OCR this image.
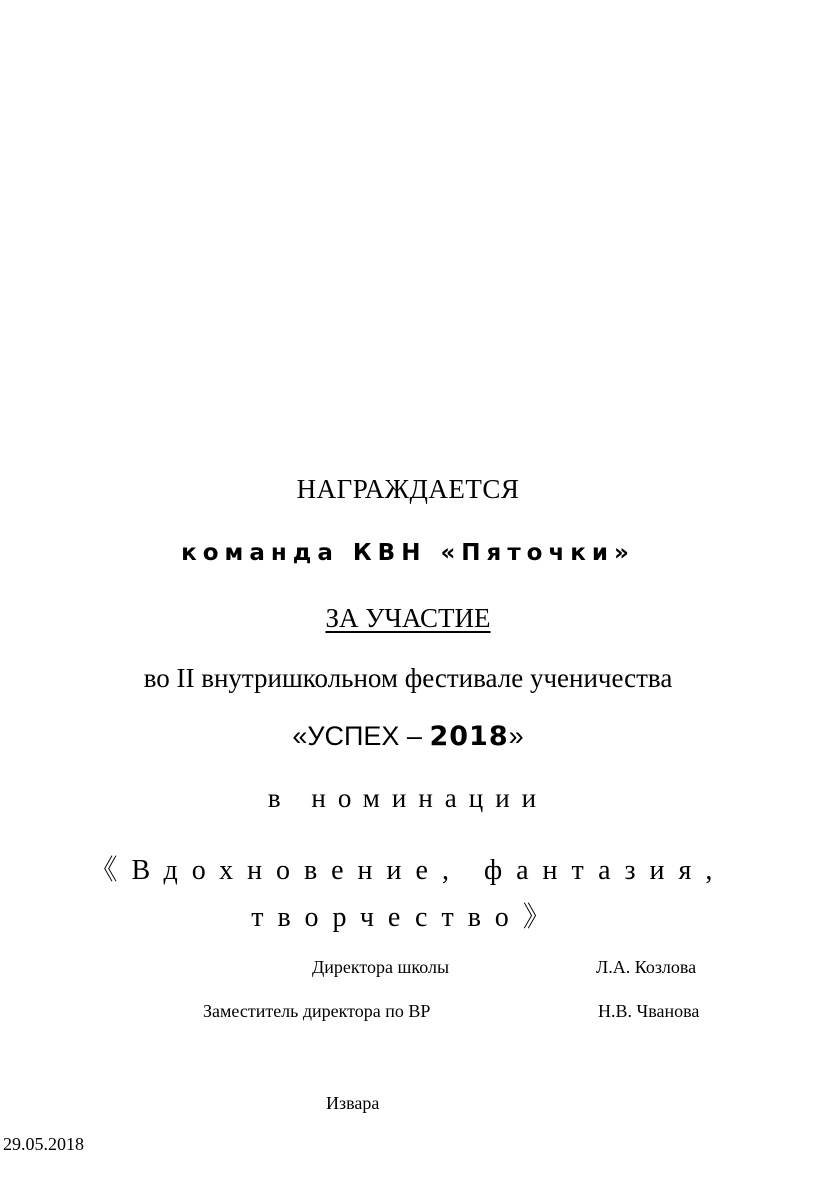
НАГРАЖДАЕТСЯ
команда КВН «Пяточки»
ЗА УЧАСТИЕ
во II внутришкольном фестивале ученичества
«УСПЕХ – 2018»
в номинации
《Вдохновение, фантазия,
творчество》
Директора школы	Л.А. Козлова
Заместитель директора по ВР	Н.В. Чванова
Извара
29.05.2018
